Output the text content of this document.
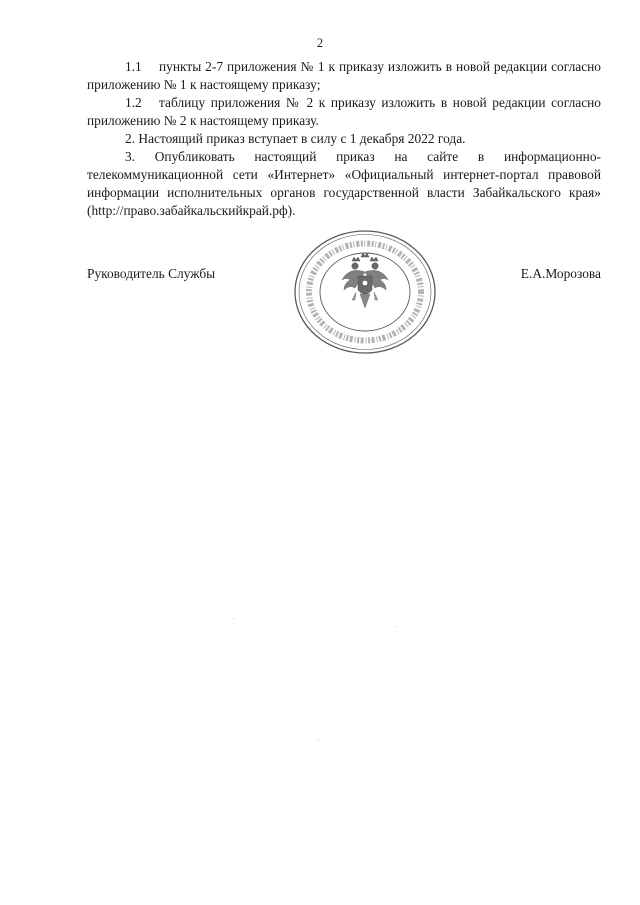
2

1.1 пункты 2-7 приложения № 1 к приказу изложить в новой редакции согласно приложению № 1 к настоящему приказу;

1.2 таблицу приложения № 2 к приказу изложить в новой редакции согласно приложению № 2 к настоящему приказу.

2. Настоящий приказ вступает в силу с 1 декабря 2022 года.

3. Опубликовать настоящий приказ на сайте в информационно-телекоммуникационной сети «Интернет» «Официальный интернет-портал правовой информации исполнительных органов государственной власти Забайкальского края» (http://право.забайкальскийкрай.рф).

Руководитель Службы	Е.А.Морозова
